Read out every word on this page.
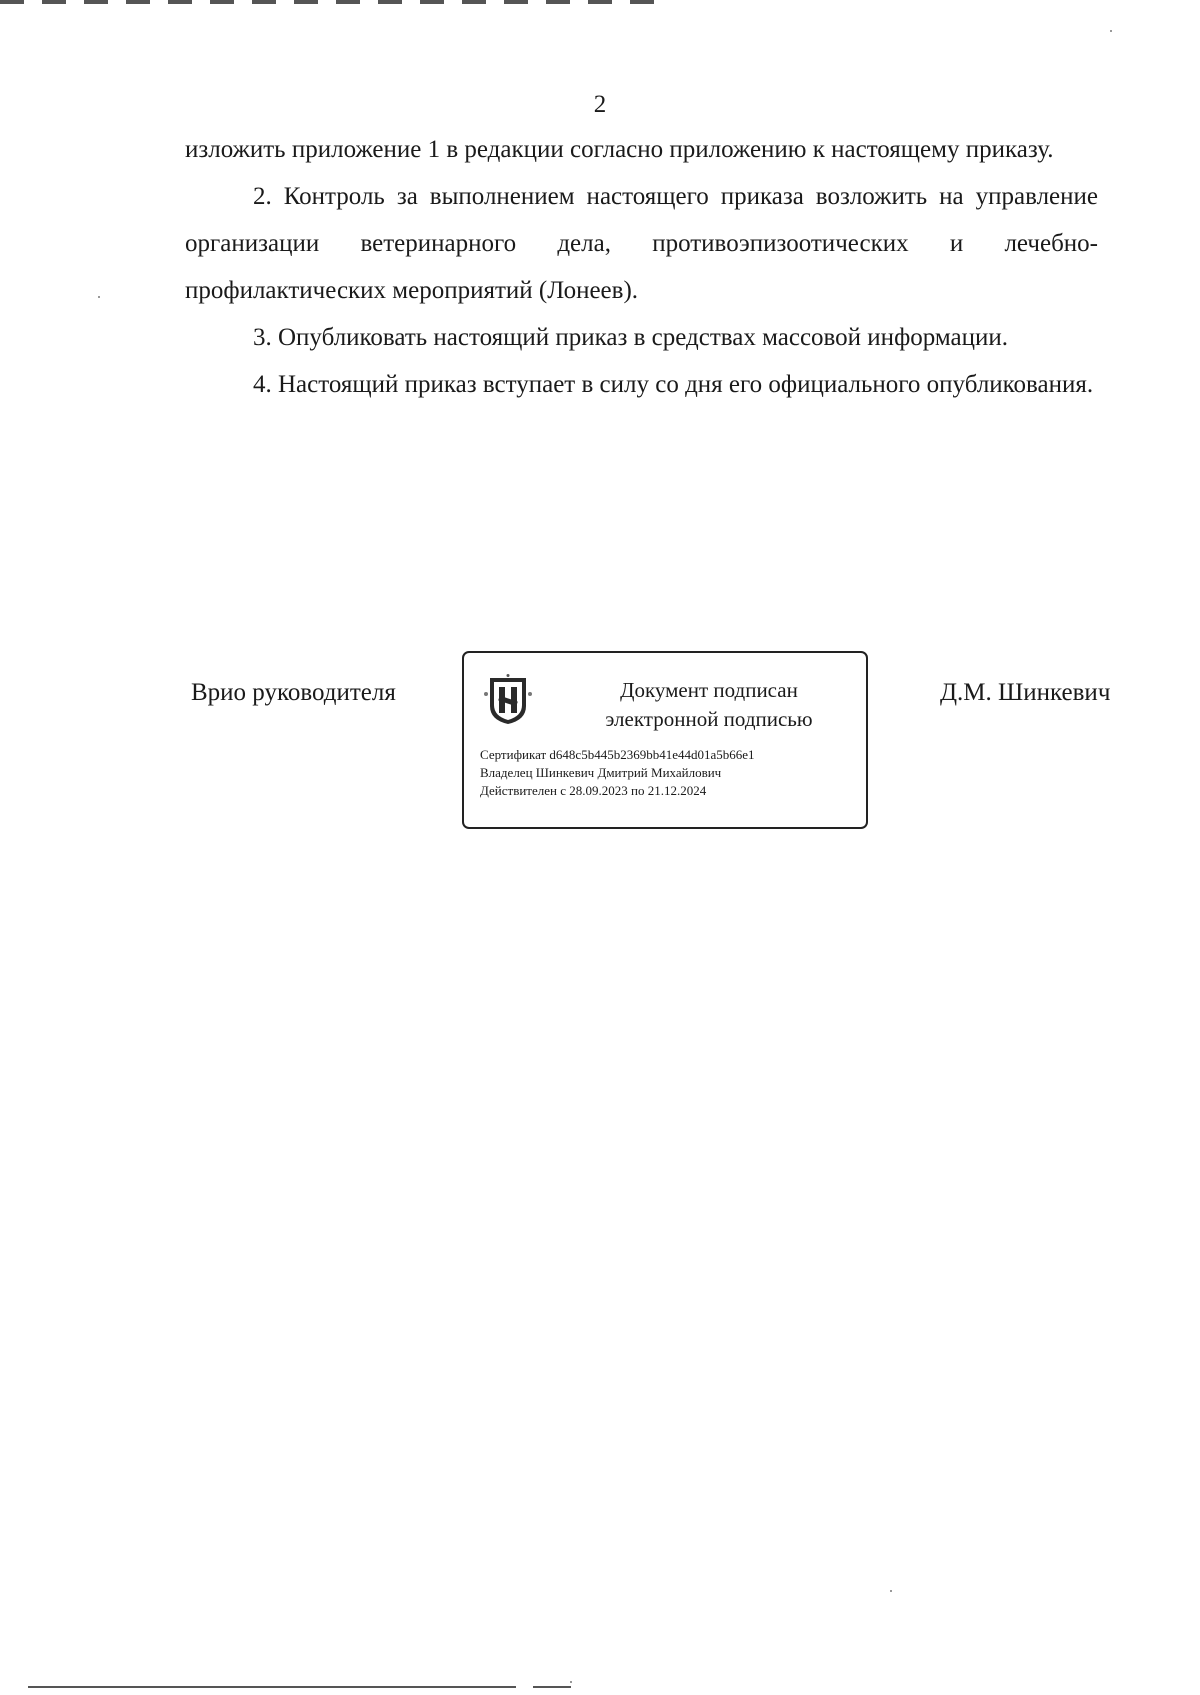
2

изложить приложение 1 в редакции согласно приложению к настоящему приказу.

2. Контроль за выполнением настоящего приказа возложить на управление организации ветеринарного дела, противоэпизоотических и лечебно-профилактических мероприятий (Лонеев).

3. Опубликовать настоящий приказ в средствах массовой информации.

4. Настоящий приказ вступает в силу со дня его официального опубликования.

Врио руководителя	Документ подписан
электронной подписью
Сертификат d648c5b445b2369bb41e44d01a5b66e1
Владелец Шинкевич Дмитрий Михайлович
Действителен с 28.09.2023 по 21.12.2024
Д.М. Шинкевич
